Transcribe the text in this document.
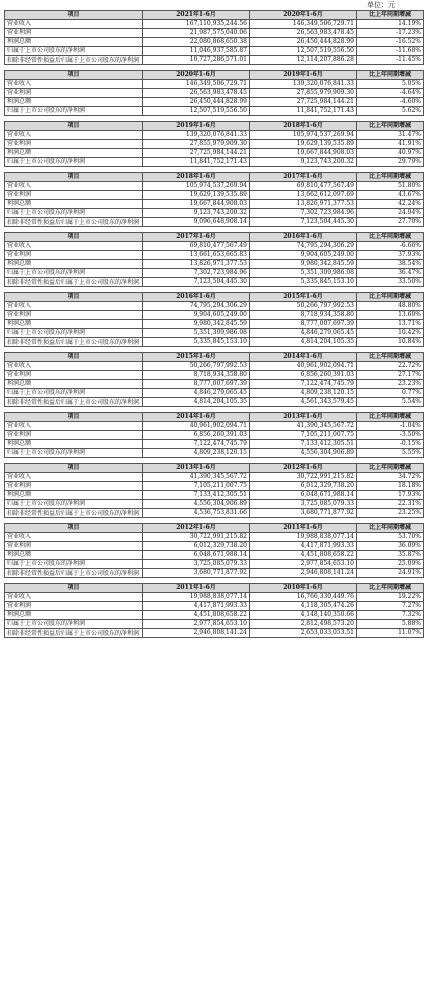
单位：元
项目	2021年1-6月	2020年1-6月	比上年同期增减
营业收入	167,110,935,244.56	146,349,506,729.71	14.19%
营业利润	21,987,575,040.06	26,563,983,478.45	-17.23%
利润总额	22,080,868,650.38	26,450,444,828.99	-16.52%
归属于上市公司股东的净利润	11,046,937,585.87	12,507,519,556.50	-11.68%
扣除非经常性损益后归属于上市公司股东的净利润	10,727,286,571.01	12,114,207,886.28	-11.45%
项目	2020年1-6月	2019年1-6月	比上年同期增减
营业收入	146,349,506,729.71	139,320,076,841.33	5.05%
营业利润	26,563,983,478.45	27,855,979,909.30	-4.64%
利润总额	26,450,444,828.99	27,725,984,144.21	-4.60%
归属于上市公司股东的净利润	12,507,519,556.50	11,841,752,171.43	5.62%
项目	2019年1-6月	2018年1-6月	比上年同期增减
营业收入	139,320,076,841.33	105,974,537,269.94	31.47%
营业利润	27,855,979,909.30	19,629,139,535.89	41.91%
利润总额	27,725,984,144.21	19,667,844,908.03	40.97%
归属于上市公司股东的净利润	11,841,752,171.43	9,123,743,200.32	29.79%
项目	2018年1-6月	2017年1-6月	比上年同期增减
营业收入	105,974,537,269.94	69,810,477,567.49	51.80%
营业利润	19,629,139,535.89	13,662,612,097.69	43.67%
利润总额	19,667,844,908.03	13,826,971,377.53	42.24%
归属于上市公司股东的净利润	9,123,743,200.32	7,302,723,984.96	24.94%
扣除非经常性损益后归属于上市公司股东的净利润	9,096,648,908.14	7,123,504,445.30	27.70%
项目	2017年1-6月	2016年1-6月	比上年同期增减
营业收入	69,810,477,567.49	74,795,294,306.29	-6.66%
营业利润	13,661,653,665.83	9,904,605,249.00	37.93%
利润总额	13,826,971,377.53	9,980,342,845.59	38.54%
归属于上市公司股东的净利润	7,302,723,984.96	5,351,309,986.08	36.47%
扣除非经常性损益后归属于上市公司股东的净利润	7,123,504,445.30	5,335,845,153.10	33.50%
项目	2016年1-6月	2015年1-6月	比上年同期增减
营业收入	74,795,294,306.29	50,266,797,992.53	48.80%
营业利润	9,904,605,249.00	8,718,934,358.80	13.60%
利润总额	9,980,342,845.59	8,777,007,697.39	13.71%
归属于上市公司股东的净利润	5,351,309,986.08	4,846,279,065.45	10.42%
扣除非经常性损益后归属于上市公司股东的净利润	5,335,845,153.10	4,814,204,105.35	10.84%
项目	2015年1-6月	2014年1-6月	比上年同期增减
营业收入	50,266,797,992.53	40,961,902,094.71	22.72%
营业利润	8,718,934,358.80	6,856,260,391.03	27.17%
利润总额	8,777,007,697.39	7,122,474,745.79	23.23%
归属于上市公司股东的净利润	4,846,279,065.45	4,809,238,120.15	0.77%
扣除非经常性损益后归属于上市公司股东的净利润	4,814,204,105.35	4,561,343,579.45	5.54%
项目	2014年1-6月	2013年1-6月	比上年同期增减
营业收入	40,961,902,094.71	41,390,345,567.72	-1.04%
营业利润	6,856,260,391.03	7,105,211,007.75	-3.50%
利润总额	7,122,474,745.79	7,133,412,305.51	-0.15%
归属于上市公司股东的净利润	4,809,238,120.15	4,556,304,906.89	5.55%
项目	2013年1-6月	2012年1-6月	比上年同期增减
营业收入	41,390,345,567.72	30,722,991,215.82	34.72%
营业利润	7,105,211,007.75	6,012,329,738.20	18.18%
利润总额	7,133,412,305.51	6,048,671,988.14	17.93%
归属于上市公司股东的净利润	4,556,304,906.89	3,725,085,079.33	22.31%
扣除非经常性损益后归属于上市公司股东的净利润	4,536,753,831.66	3,680,771,877.92	23.25%
项目	2012年1-6月	2011年1-6月	比上年同期增减
营业收入	30,722,991,215.82	19,988,838,077.14	53.70%
营业利润	6,012,329,738.20	4,417,871,993.33	36.09%
利润总额	6,048,671,988.14	4,451,808,658.22	35.87%
归属于上市公司股东的净利润	3,725,085,079.33	2,977,854,653.10	25.09%
扣除非经常性损益后归属于上市公司股东的净利润	3,680,771,877.92	2,946,808,141.24	24.91%
项目	2011年1-6月	2010年1-6月	比上年同期增减
营业收入	19,988,838,077.14	16,766,330,449.76	19.22%
营业利润	4,417,871,993.33	4,118,305,474.26	7.27%
利润总额	4,451,808,658.22	4,148,140,350.66	7.32%
归属于上市公司股东的净利润	2,977,854,653.10	2,812,498,573.20	5.88%
扣除非经常性损益后归属于上市公司股东的净利润	2,946,808,141.24	2,653,033,053.51	11.07%
